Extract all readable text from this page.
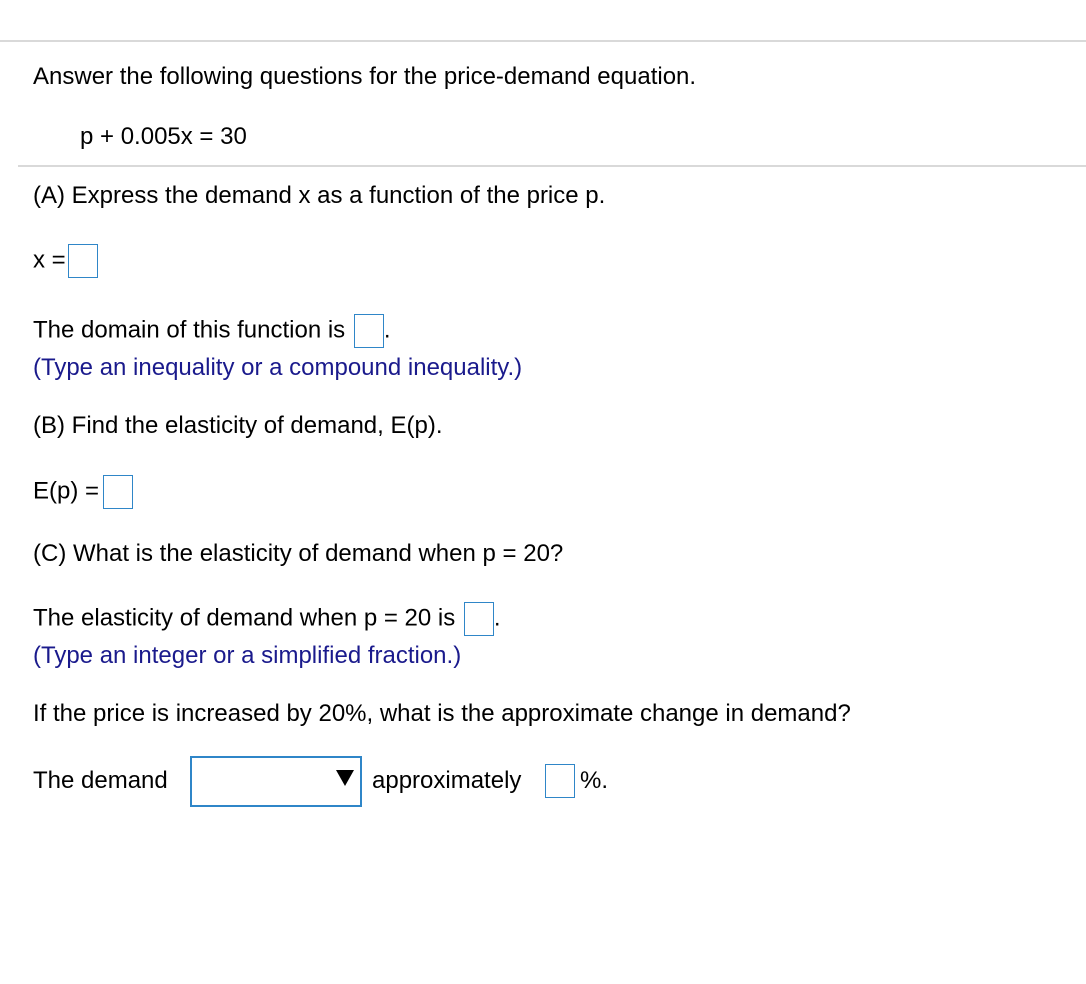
Answer the following questions for the price-demand equation.
p + 0.005x = 30
(A) Express the demand x as a function of the price p.
x =
The domain of this function is .
(Type an inequality or a compound inequality.)
(B) Find the elasticity of demand, E(p).
E(p) =
(C) What is the elasticity of demand when p = 20?
The elasticity of demand when p = 20 is .
(Type an integer or a simplified fraction.)
If the price is increased by 20%, what is the approximate change in demand?
The demand	approximately %.
